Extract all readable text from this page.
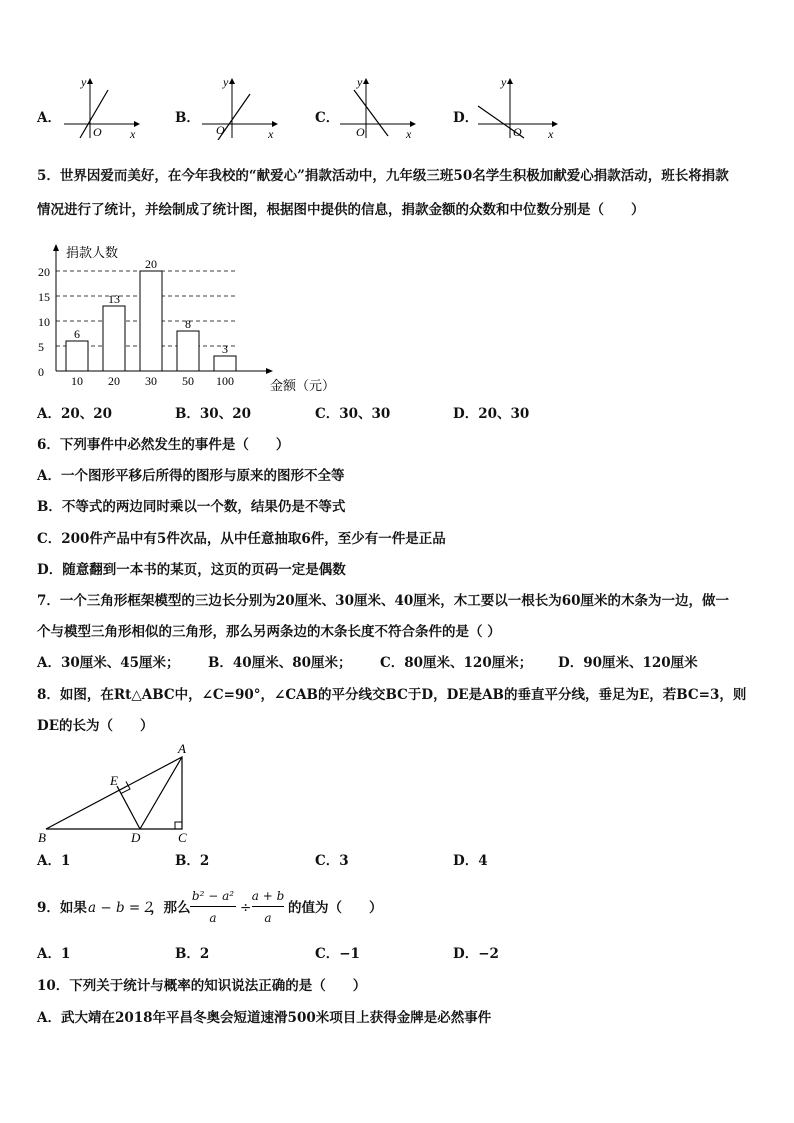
A．	B．	C．	D．
y
x
O
y
x
O
y
x
O
y
x
O
5．世界因爱而美好，在今年我校的“献爱心”捐款活动中，九年级三班50名学生积极加献爱心捐款活动，班长将捐款
情况进行了统计，并绘制成了统计图，根据图中提供的信息，捐款金额的众数和中位数分别是（　　）
捐款人数
金额（元）
0
5
10
15
20
6
10
13
20
20
30
8
50
3
100
A．20、20	B．30、20	C．30、30	D．20、30
6．下列事件中必然发生的事件是（　　）
A．一个图形平移后所得的图形与原来的图形不全等
B．不等式的两边同时乘以一个数，结果仍是不等式
C．200件产品中有5件次品，从中任意抽取6件，至少有一件是正品
D．随意翻到一本书的某页，这页的页码一定是偶数
7．一个三角形框架模型的三边长分别为20厘米、30厘米、40厘米，木工要以一根长为60厘米的木条为一边，做一
个与模型三角形相似的三角形，那么另两条边的木条长度不符合条件的是（ ）
A．30厘米、45厘米； B．40厘米、80厘米； C．80厘米、120厘米； D．90厘米、120厘米
8．如图，在Rt△ABC中，∠C=90°，∠CAB的平分线交BC于D，DE是AB的垂直平分线，垂足为E，若BC=3，则
DE的长为（　　）
A
B	C
D
E
A．1	B．2	C．3	D．4
9．如果 a − b = 2
，那么
b² − a²
a
÷
a + b
a
的值为（　　）
A．1	B．2	C．−1	D．−2
10．下列关于统计与概率的知识说法正确的是（　　）
A．武大靖在2018年平昌冬奥会短道速滑500米项目上获得金牌是必然事件
